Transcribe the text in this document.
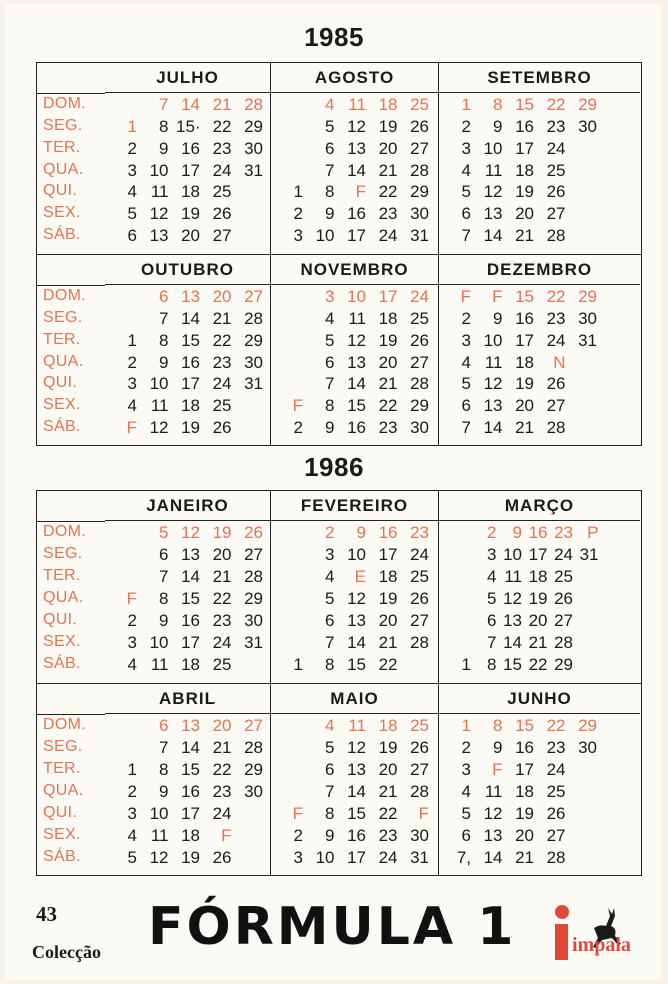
1985
DOM.
SEG.
TER.
QUA.
QUI.
SEX.
SÁB.
JULHO
1
2
3
4
5
6
7
8
9
10
11
12
13
14
15·
16
17
18
19
20
21
22
23
24
25
26
27
28
29
30
31
AGOSTO
1
2
3
4
5
6
7
8
9
10
11
12
13
14
F
16
17
18
19
20
21
22
23
24
25
26
27
28
29
30
31
SETEMBRO
1
2
3
4
5
6
7
8
9
10
11
12
13
14
15
16
17
18
19
20
21
22
23
24
25
26
27
28
29
30
DOM.
SEG.
TER.
QUA.
QUI.
SEX.
SÁB.
OUTUBRO
1
2
3
4
F
6
7
8
9
10
11
12
13
14
15
16
17
18
19
20
21
22
23
24
25
26
27
28
29
30
31
NOVEMBRO
F
2
3
4
5
6
7
8
9
10
11
12
13
14
15
16
17
18
19
20
21
22
23
24
25
26
27
28
29
30
DEZEMBRO
F
2
3
4
5
6
7
F
9
10
11
12
13
14
15
16
17
18
19
20
21
22
23
24
N
26
27
28
29
30
31
1986
DOM.
SEG.
TER.
QUA.
QUI.
SEX.
SÁB.
JANEIRO
F
2
3
4
5
6
7
8
9
10
11
12
13
14
15
16
17
18
19
20
21
22
23
24
25
26
27
28
29
30
31
FEVEREIRO
1
2
3
4
5
6
7
8
9
10
E
12
13
14
15
16
17
18
19
20
21
22
23
24
25
26
27
28
MARÇO
1
2
3
4
5
6
7
8
9
10
11
12
13
14
15
16
17
18
19
20
21
22
23
24
25
26
27
28
29
P
31
DOM.
SEG.
TER.
QUA.
QUI.
SEX.
SÁB.
ABRIL
1
2
3
4
5
6
7
8
9
10
11
12
13
14
15
16
17
18
19
20
21
22
23
24
F
26
27
28
29
30
MAIO
F
2
3
4
5
6
7
8
9
10
11
12
13
14
15
16
17
18
19
20
21
22
23
24
25
26
27
28
F
30
31
JUNHO
1
2
3
4
5
6
7,
8
9
F
11
12
13
14
15
16
17
18
19
20
21
22
23
24
25
26
27
28
29
30
43
Colecção FÓRMULA 1	impala
